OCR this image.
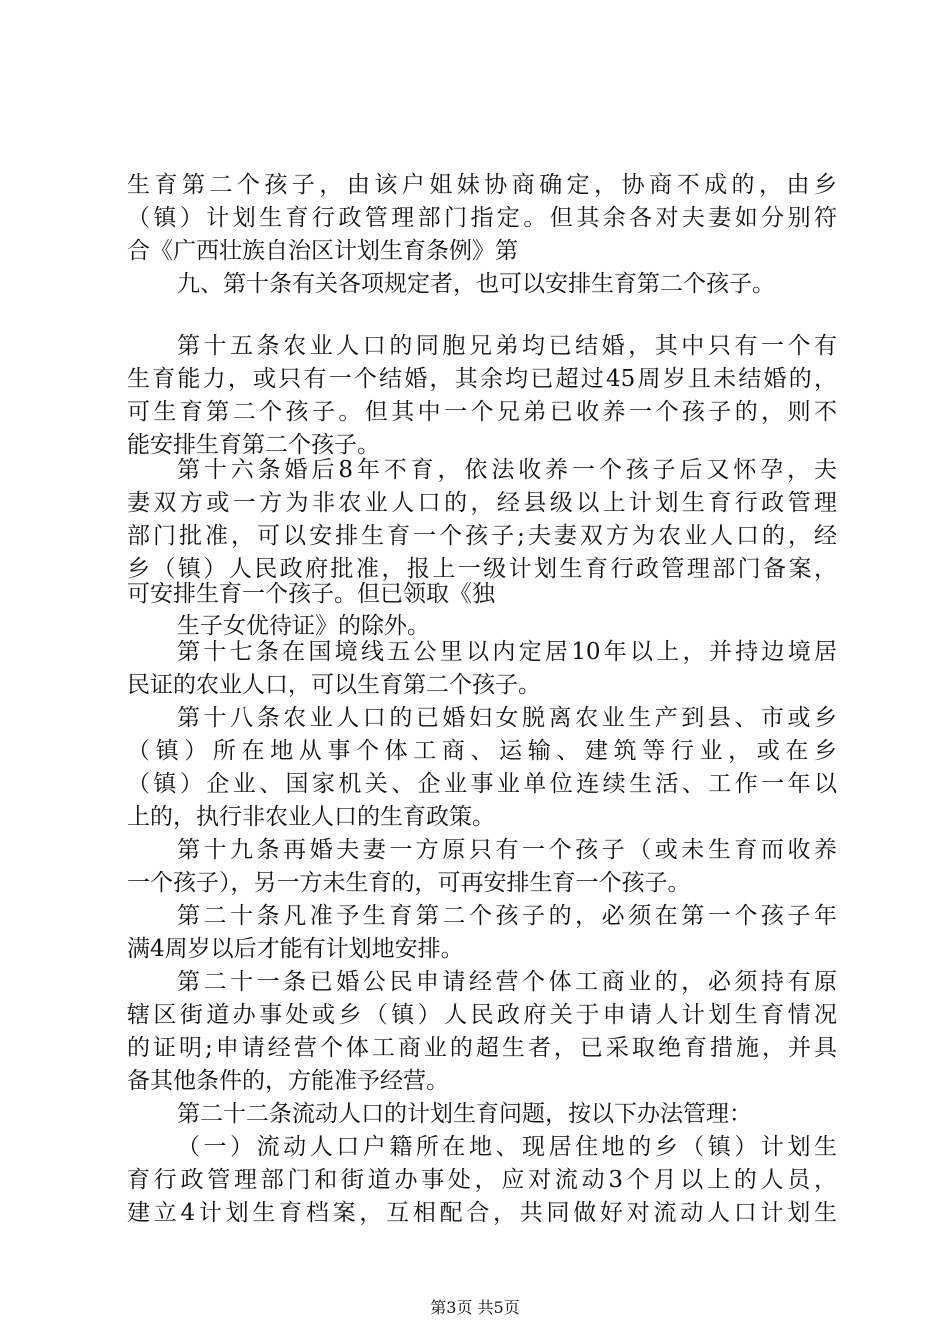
生育第二个孩子，由该户姐妹协商确定，协商不成的，由乡
（镇）计划生育行政管理部门指定。但其余各对夫妻如分别符
合《广西壮族自治区计划生育条例》第
九、第十条有关各项规定者，也可以安排生育第二个孩子。
第十五条农业人口的同胞兄弟均已结婚，其中只有一个有
生育能力，或只有一个结婚，其余均已超过45周岁且未结婚的，
可生育第二个孩子。但其中一个兄弟已收养一个孩子的，则不
能安排生育第二个孩子。
第十六条婚后8年不育，依法收养一个孩子后又怀孕，夫
妻双方或一方为非农业人口的，经县级以上计划生育行政管理
部门批准，可以安排生育一个孩子;夫妻双方为农业人口的，经
乡（镇）人民政府批准，报上一级计划生育行政管理部门备案，
可安排生育一个孩子。但已领取《独
生子女优待证》的除外。
第十七条在国境线五公里以内定居10年以上，并持边境居
民证的农业人口，可以生育第二个孩子。
第十八条农业人口的已婚妇女脱离农业生产到县、市或乡
（镇）所在地从事个体工商、运输、建筑等行业，或在乡
（镇）企业、国家机关、企业事业单位连续生活、工作一年以
上的，执行非农业人口的生育政策。
第十九条再婚夫妻一方原只有一个孩子（或未生育而收养
一个孩子），另一方未生育的，可再安排生育一个孩子。
第二十条凡准予生育第二个孩子的，必须在第一个孩子年
满4周岁以后才能有计划地安排。
第二十一条已婚公民申请经营个体工商业的，必须持有原
辖区街道办事处或乡（镇）人民政府关于申请人计划生育情况
的证明;申请经营个体工商业的超生者，已采取绝育措施，并具
备其他条件的，方能准予经营。
第二十二条流动人口的计划生育问题，按以下办法管理：
（一）流动人口户籍所在地、现居住地的乡（镇）计划生
育行政管理部门和街道办事处，应对流动3个月以上的人员，
建立4计划生育档案，互相配合，共同做好对流动人口计划生
第3页 共5页
